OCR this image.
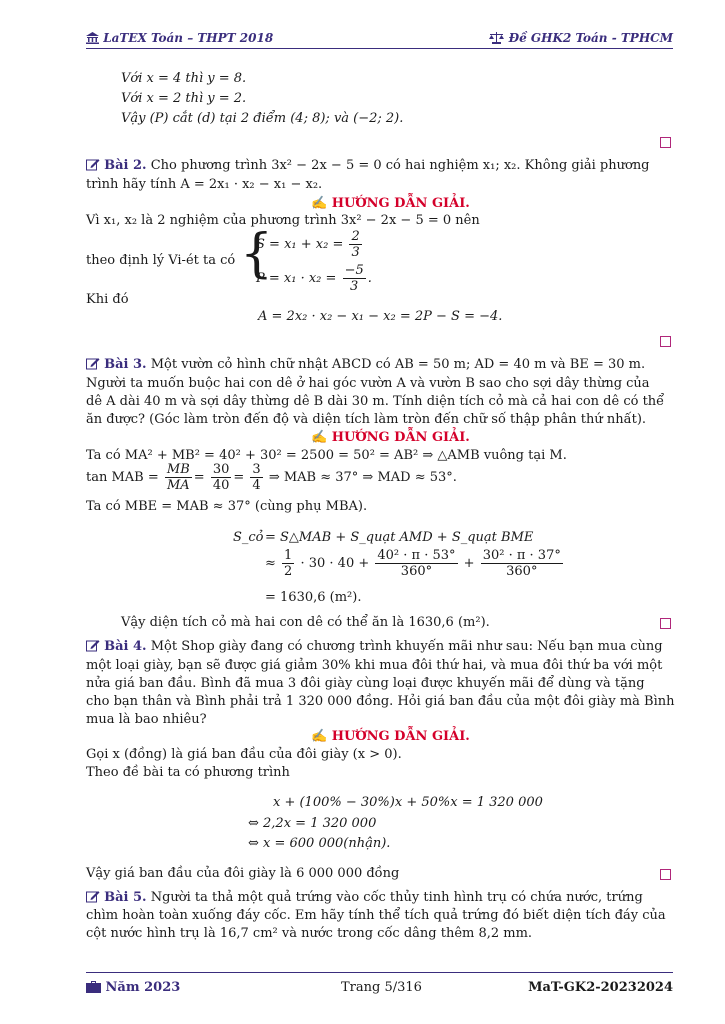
LaTEX Toán – THPT 2018	Đề GHK2 Toán - TPHCM
Với x = 4 thì y = 8.
Với x = 2 thì y = 2.
Vậy (P) cắt (d) tại 2 điểm (4; 8); và (−2; 2).
Bài 2. Cho phương trình 3x² − 2x − 5 = 0 có hai nghiệm x₁; x₂. Không giải phương
trình hãy tính A = 2x₁ · x₂ − x₁ − x₂.
✍ HƯỚNG DẪN GIẢI.
Vì x₁, x₂ là 2 nghiệm của phương trình 3x² − 2x − 5 = 0 nên
theo định lý Vi-ét ta có {
$S = x_1 + x_2 = \frac{2}{3}$
$P = x_1 \cdot x_2 = \frac{-5}{3}$ .
Khi đó
A = 2x₂ · x₂ − x₁ − x₂ = 2P − S = −4.
Bài 3. Một vườn cỏ hình chữ nhật ABCD có AB = 50 m; AD = 40 m và BE = 30 m.
Người ta muốn buộc hai con dê ở hai góc vườn A và vườn B sao cho sợi dây thừng của
dê A dài 40 m và sợi dây thừng dê B dài 30 m. Tính diện tích cỏ mà cả hai con dê có thể
ăn được? (Góc làm tròn đến độ và diện tích làm tròn đến chữ số thập phân thứ nhất).
✍ HƯỚNG DẪN GIẢI.
Ta có MA² + MB² = 40² + 30² = 2500 = 50² = AB² ⇒ △AMB vuông tại M.
tan MAB = $\frac{MB}{MA} = \frac{30}{40} = \frac{3}{4}$ ⇒ MAB ≈ 37° ⇒ MAD ≈ 53°.
Ta có MBE = MAB ≈ 37° (cùng phụ MBA).
S_cỏ = S△MAB + S_quạt AMD + S_quạt BME
≈ $\frac{1}{2} \cdot 30 \cdot 40 + \frac{\text{40² · π · 53°}}{360^\circ} + \frac{\text{30² · π · 37°}}{360^\circ}$
= 1630,6 (m²).
Vậy diện tích cỏ mà hai con dê có thể ăn là 1630,6 (m²).
Bài 4. Một Shop giày đang có chương trình khuyến mãi như sau: Nếu bạn mua cùng
một loại giày, bạn sẽ được giá giảm 30% khi mua đôi thứ hai, và mua đôi thứ ba với một
nửa giá ban đầu. Bình đã mua 3 đôi giày cùng loại được khuyến mãi để dùng và tặng
cho bạn thân và Bình phải trả 1 320 000 đồng. Hỏi giá ban đầu của một đôi giày mà Bình
mua là bao nhiêu?
✍ HƯỚNG DẪN GIẢI.
Gọi x (đồng) là giá ban đầu của đôi giày (x > 0).
Theo đề bài ta có phương trình
x + (100% − 30%)x + 50%x = 1 320 000
⇔ 2,2x = 1 320 000
⇔ x = 600 000(nhận).
Vậy giá ban đầu của đôi giày là 6 000 000 đồng
Bài 5. Người ta thả một quả trứng vào cốc thủy tinh hình trụ có chứa nước, trứng
chìm hoàn toàn xuống đáy cốc. Em hãy tính thể tích quả trứng đó biết diện tích đáy của
cột nước hình trụ là 16,7 cm² và nước trong cốc dâng thêm 8,2 mm.
Năm 2023	Trang 5/316	MaT-GK2-20232024
